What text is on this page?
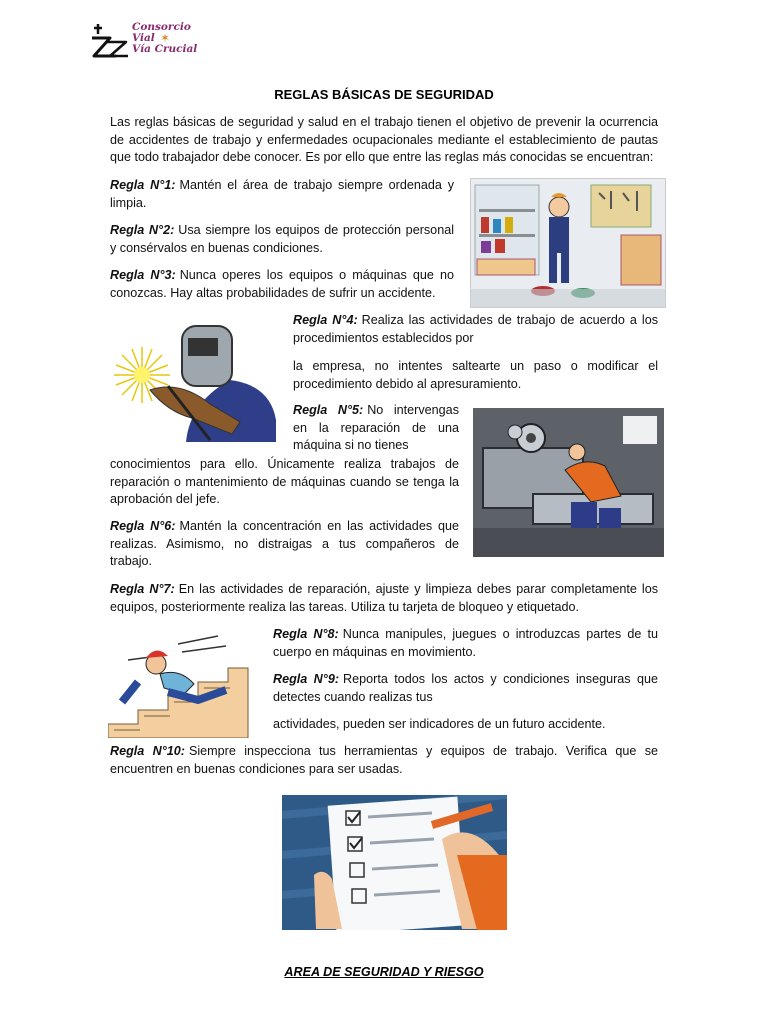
Consorcio
Vial ✶
Vía Crucial
REGLAS BÁSICAS DE SEGURIDAD
Las reglas básicas de seguridad y salud en el trabajo tienen el objetivo de prevenir la ocurrencia de accidentes de trabajo y enfermedades ocupacionales mediante el establecimiento de pautas que todo trabajador debe conocer. Es por ello que entre las reglas más conocidas se encuentran:
Regla N°1: Mantén el área de trabajo siempre ordenada y limpia.
Regla N°2: Usa siempre los equipos de protección personal y consérvalos en buenas condiciones.
Regla N°3: Nunca operes los equipos o máquinas que no conozcas. Hay altas probabilidades de sufrir un accidente.
Regla N°4: Realiza las actividades de trabajo de acuerdo a los procedimientos establecidos por
la empresa, no intentes saltearte un paso o modificar el procedimiento debido al apresuramiento.
Regla N°5: No intervengas en la reparación de una máquina si no tienes
conocimientos para ello. Únicamente realiza trabajos de reparación o mantenimiento de máquinas cuando se tenga la aprobación del jefe.
Regla N°6: Mantén la concentración en las actividades que realizas. Asimismo, no distraigas a tus compañeros de trabajo.
Regla N°7: En las actividades de reparación, ajuste y limpieza debes parar completamente los equipos, posteriormente realiza las tareas. Utiliza tu tarjeta de bloqueo y etiquetado.
Regla N°8: Nunca manipules, juegues o introduzcas partes de tu cuerpo en máquinas en movimiento.
Regla N°9: Reporta todos los actos y condiciones inseguras que detectes cuando realizas tus
actividades, pueden ser indicadores de un futuro accidente.
Regla N°10: Siempre inspecciona tus herramientas y equipos de trabajo. Verifica que se encuentren en buenas condiciones para ser usadas.
AREA DE SEGURIDAD Y RIESGO
